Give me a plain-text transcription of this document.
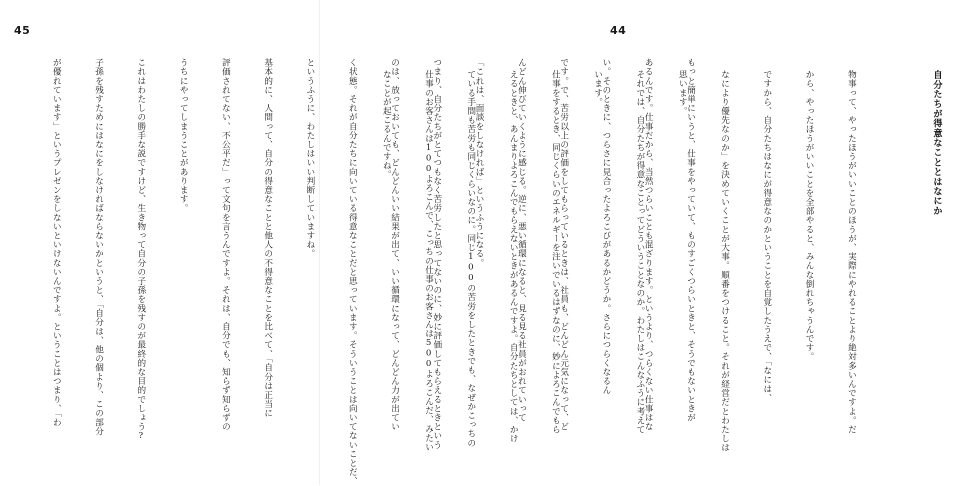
45

もっと簡単にいうと、仕事をやっていて、ものすごくつらいときと、そうでもないときが

あるんです。仕事だから、当然つらいことも混ざります。というより、つらくない仕事はな

い。そのときに、つらさに見合ったよろこびがあるかどうか。さらにつらくなるん

です。で、苦労以上の評価をしてもらっているときは、社員も、どんどん元気になって、ど

んどん伸びていくように感じる。逆に、悪い循環になると、見る見る社員がおれていって

「これは、面談をしなければ」というふうになる。

つまり、自分たちがとてつもなく苦労したと思ってないのに、妙に評価してもらえるときという

のは、放っておいても、どんどんいい結果が出て、いい循環になって、どんどん力が出てい

く状態。それが自分たちに向いている得意なことだと思っています。そういうことは向いてないことだ、

というふうに、わたしはいい判断していますね。

基本的に、人間って、自分の得意なことと他人の不得意なことを比べて、「自分は正当に

評価されてない、不公平だ」って文句を言うんですよ。それは、自分でも、知らず知らずの

うちにやってしまうことがあります。

これはわたしの勝手な説ですけど、生き物って自分の子孫を残すのが最終的な目的でしょう?

子孫を残すためにはなにをしなければならないかというと、「自分は、他の個より、この部分

が優れています」というプレゼンをしないといけないんですよ。ということはつまり、「わ

44

自分たちが得意なこととはなにか

物事って、やったほうがいいことのほうが、実際にやれることより絶対多いんですよ。だ

から、やったほうがいいことを全部やると、みんな倒れちゃうんです。

ですから、自分たちはなにが得意なのかということを自覚したうえで、「なには、

なにより優先なのか」を決めていくことが大事。順番をつけること。それが経営だとわたしは

思います。

それでは、自分たちが得意なことってどういうことなのか。わたしはこんなふうに考えて

います。

仕事をするとき、同じくらいのエネルギーを注いでいるはずなのに、妙によろこんでもら

えるときと、あんまりよろこんでもらえないときがあるんですよ。自分たちとしては、かけ

ている手間も苦労も同じくらいなのに。同じ100の苦労をしたときでも、なぜかこっちの

仕事のお客さんは100よろこんで、こっちの仕事のお客さんは500よろこんだ、みたい

なことが起こるんですね。
